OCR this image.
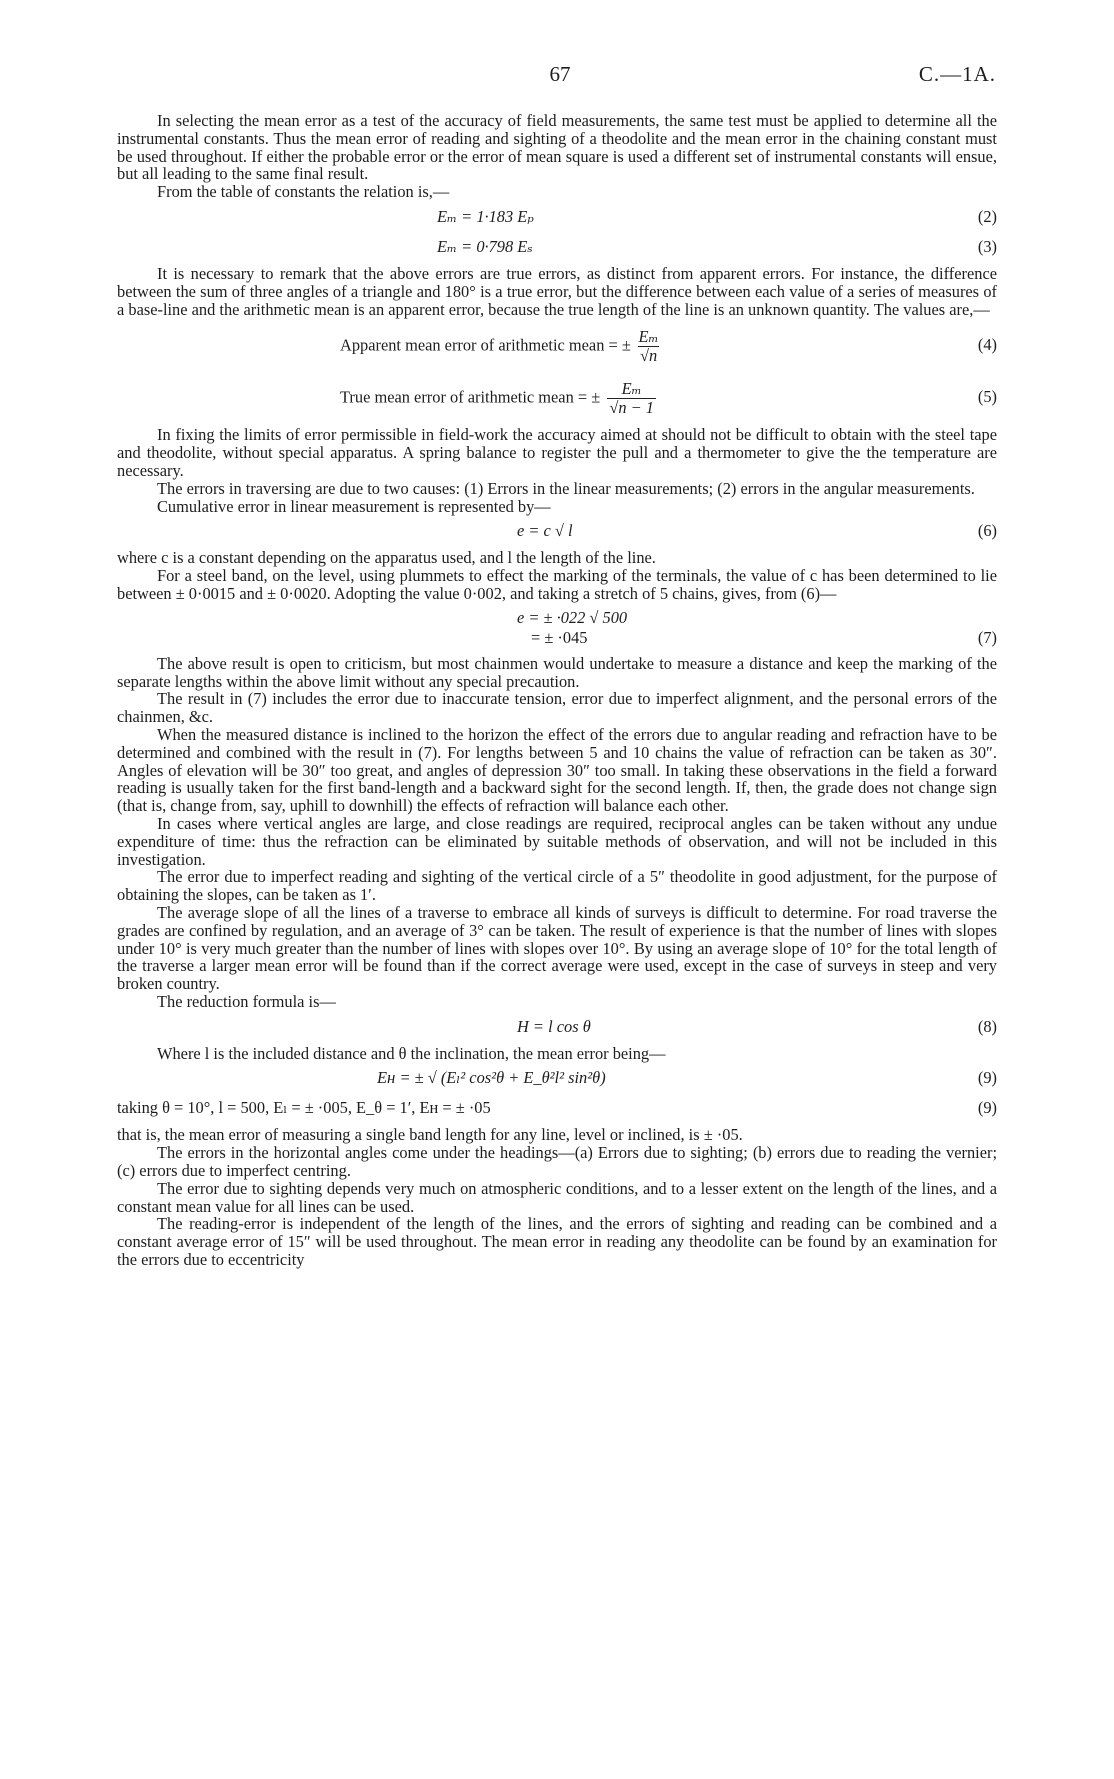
67	C.—1A.

In selecting the mean error as a test of the accuracy of field measurements, the same test must be applied to determine all the instrumental constants. Thus the mean error of reading and sighting of a theodolite and the mean error in the chaining constant must be used throughout. If either the probable error or the error of mean square is used a different set of instrumental constants will ensue, but all leading to the same final result.

From the table of constants the relation is,—

Eₘ = 1·183 Eₚ	(2)
Eₘ = 0·798 Eₛ	(3)

It is necessary to remark that the above errors are true errors, as distinct from apparent errors. For instance, the difference between the sum of three angles of a triangle and 180° is a true error, but the difference between each value of a series of measures of a base-line and the arithmetic mean is an apparent error, because the true length of the line is an unknown quantity. The values are,—

Apparent mean error of arithmetic mean = ± $\frac{\text{Eₘ}}{√n}$	(4)
True mean error of arithmetic mean = ± $\frac{\text{Eₘ}}{√n - 1}$	(5)

In fixing the limits of error permissible in field-work the accuracy aimed at should not be difficult to obtain with the steel tape and theodolite, without special apparatus. A spring balance to register the pull and a thermometer to give the the temperature are necessary.

The errors in traversing are due to two causes: (1) Errors in the linear measurements; (2) errors in the angular measurements.

Cumulative error in linear measurement is represented by—

e = c √ l	(6)

where c is a constant depending on the apparatus used, and l the length of the line.

For a steel band, on the level, using plummets to effect the marking of the terminals, the value of c has been determined to lie between ± 0·0015 and ± 0·0020. Adopting the value 0·002, and taking a stretch of 5 chains, gives, from (6)—

e = ± ·022 √ 500
= ± ·045	(7)

The above result is open to criticism, but most chainmen would undertake to measure a distance and keep the marking of the separate lengths within the above limit without any special precaution.

The result in (7) includes the error due to inaccurate tension, error due to imperfect alignment, and the personal errors of the chainmen, &c.

When the measured distance is inclined to the horizon the effect of the errors due to angular reading and refraction have to be determined and combined with the result in (7). For lengths between 5 and 10 chains the value of refraction can be taken as 30″. Angles of elevation will be 30″ too great, and angles of depression 30″ too small. In taking these observations in the field a forward reading is usually taken for the first band-length and a backward sight for the second length. If, then, the grade does not change sign (that is, change from, say, uphill to downhill) the effects of refraction will balance each other.

In cases where vertical angles are large, and close readings are required, reciprocal angles can be taken without any undue expenditure of time: thus the refraction can be eliminated by suitable methods of observation, and will not be included in this investigation.

The error due to imperfect reading and sighting of the vertical circle of a 5″ theodolite in good adjustment, for the purpose of obtaining the slopes, can be taken as 1′.

The average slope of all the lines of a traverse to embrace all kinds of surveys is difficult to determine. For road traverse the grades are confined by regulation, and an average of 3° can be taken. The result of experience is that the number of lines with slopes under 10° is very much greater than the number of lines with slopes over 10°. By using an average slope of 10° for the total length of the traverse a larger mean error will be found than if the correct average were used, except in the case of surveys in steep and very broken country.

The reduction formula is—

H = l cos θ	(8)

Where l is the included distance and θ the inclination, the mean error being—

Eʜ = ± √ (Eₗ² cos²θ + E_θ²l² sin²θ)	(9)
taking θ = 10°, l = 500, Eₗ = ± ·005, E_θ = 1′, Eʜ = ± ·05	(9)

that is, the mean error of measuring a single band length for any line, level or inclined, is ± ·05.

The errors in the horizontal angles come under the headings—(a) Errors due to sighting; (b) errors due to reading the vernier; (c) errors due to imperfect centring.

The error due to sighting depends very much on atmospheric conditions, and to a lesser extent on the length of the lines, and a constant mean value for all lines can be used.

The reading-error is independent of the length of the lines, and the errors of sighting and reading can be combined and a constant average error of 15″ will be used throughout. The mean error in reading any theodolite can be found by an examination for the errors due to eccentricity
